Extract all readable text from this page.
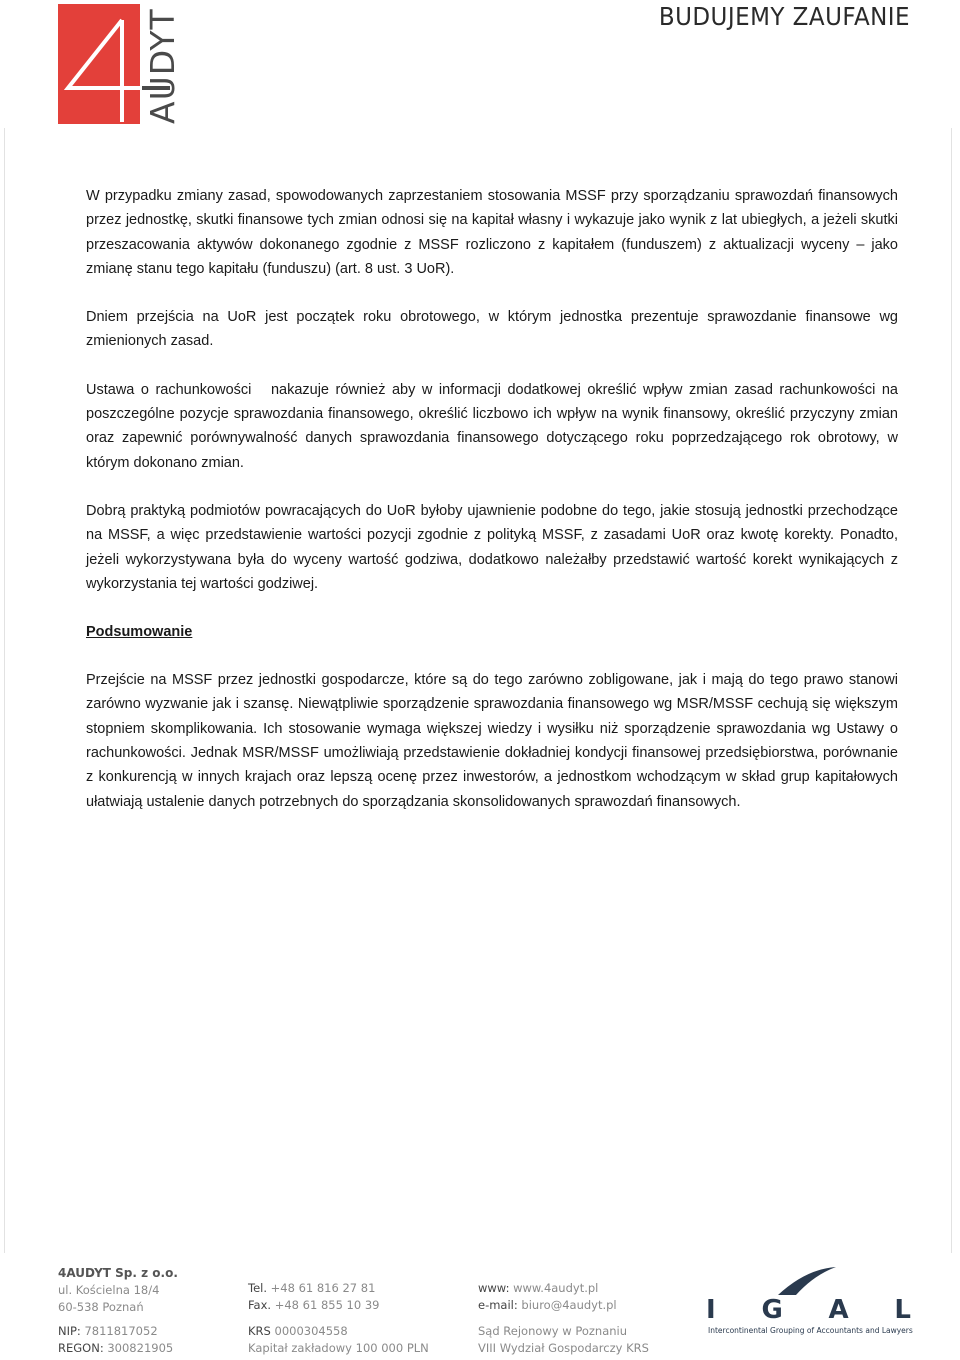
AUDYT	BUDUJEMY ZAUFANIE

W przypadku zmiany zasad, spowodowanych zaprzestaniem stosowania MSSF przy sporządzaniu sprawozdań finansowych przez jednostkę, skutki finansowe tych zmian odnosi się na kapitał własny i wykazuje jako wynik z lat ubiegłych, a jeżeli skutki przeszacowania aktywów dokonanego zgodnie z MSSF rozliczono z kapitałem (funduszem) z aktualizacji wyceny – jako zmianę stanu tego kapitału (funduszu) (art. 8 ust. 3 UoR).

Dniem przejścia na UoR jest początek roku obrotowego, w którym jednostka prezentuje sprawozdanie finansowe wg zmienionych zasad.

Ustawa o rachunkowości   nakazuje również aby w informacji dodatkowej określić wpływ zmian zasad rachunkowości na poszczególne pozycje sprawozdania finansowego, określić liczbowo ich wpływ na wynik finansowy, określić przyczyny zmian oraz zapewnić porównywalność danych sprawozdania finansowego dotyczącego roku poprzedzającego rok obrotowy, w którym dokonano zmian.

Dobrą praktyką podmiotów powracających do UoR byłoby ujawnienie podobne do tego, jakie stosują jednostki przechodzące na MSSF, a więc przedstawienie wartości pozycji zgodnie z polityką MSSF, z zasadami UoR oraz kwotę korekty. Ponadto, jeżeli wykorzystywana była do wyceny wartość godziwa, dodatkowo należałby przedstawić wartość korekt wynikających z wykorzystania tej wartości godziwej.

Podsumowanie

Przejście na MSSF przez jednostki gospodarcze, które są do tego zarówno zobligowane, jak i mają do tego prawo stanowi zarówno wyzwanie jak i szansę. Niewątpliwie sporządzenie sprawozdania finansowego wg MSR/MSSF cechują się większym stopniem skomplikowania. Ich stosowanie wymaga większej wiedzy i wysiłku niż sporządzenie sprawozdania wg Ustawy o rachunkowości. Jednak MSR/MSSF umożliwiają przedstawienie dokładniej kondycji finansowej przedsiębiorstwa, porównanie z konkurencją w innych krajach oraz lepszą ocenę przez inwestorów, a jednostkom wchodzącym w skład grup kapitałowych ułatwiają ustalenie danych potrzebnych do sporządzania skonsolidowanych sprawozdań finansowych.

4AUDYT Sp. z o.o.
ul. Kościelna 18/4
60-538 Poznań
NIP: 7811817052
REGON: 300821905
Tel. +48 61 816 27 81
Fax. +48 61 855 10 39
KRS 0000304558
Kapitał zakładowy 100 000 PLN
www: www.4audyt.pl
e-mail: biuro@4audyt.pl
Sąd Rejonowy w Poznaniu
VIII Wydział Gospodarczy KRS
I G A L
Intercontinental Grouping of Accountants and Lawyers
